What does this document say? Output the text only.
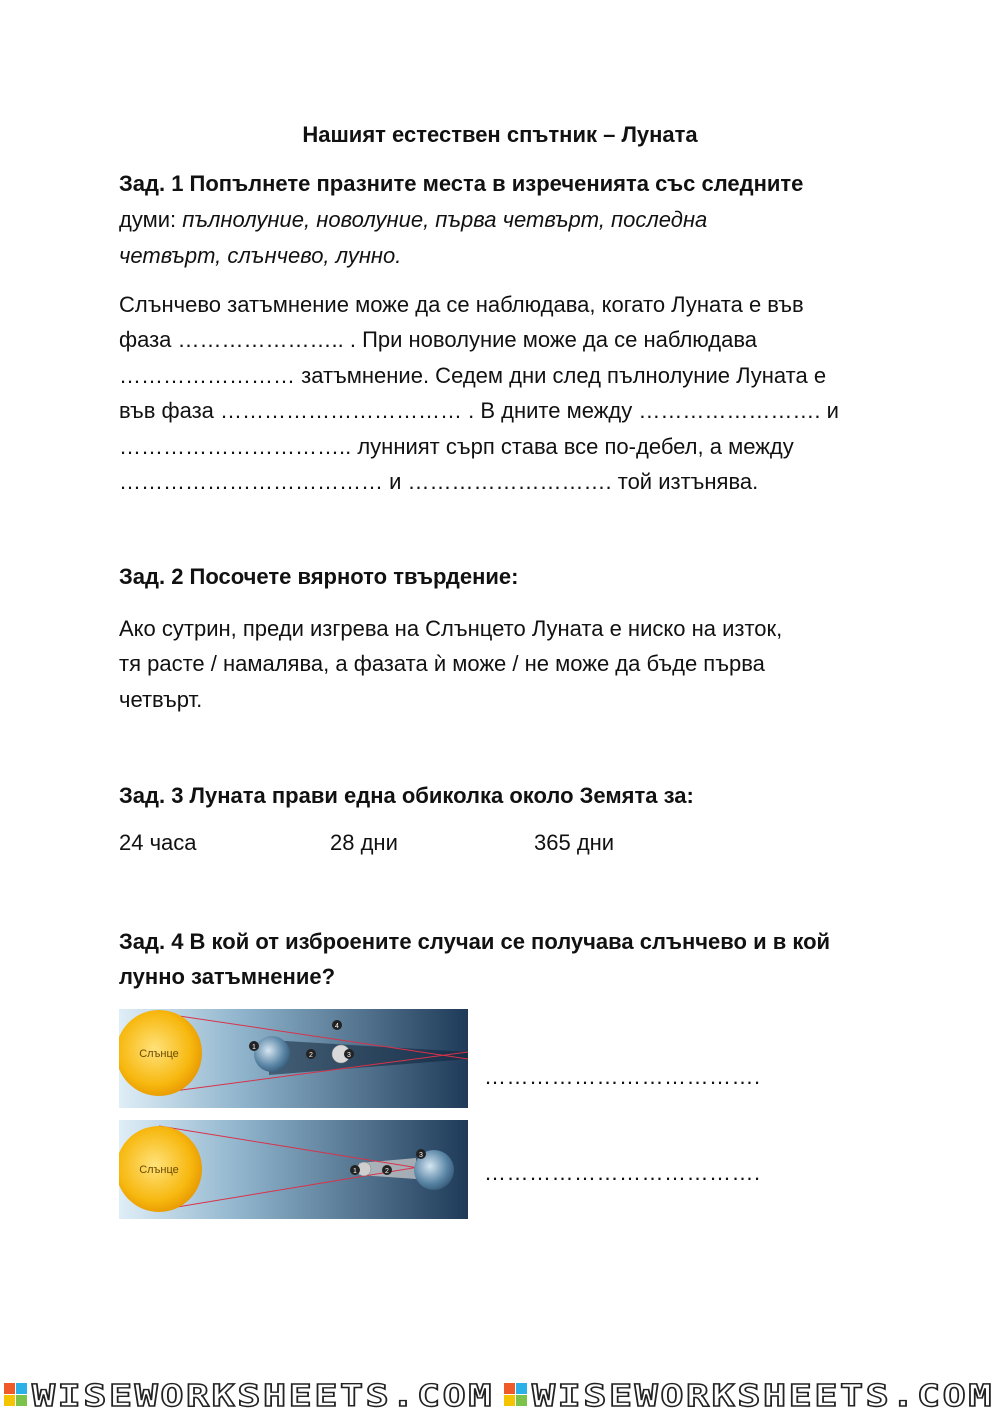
Нашият естествен спътник – Луната
Зад. 1 Попълнете празните места в изреченията със следните
думи: пълнолуние, новолуние, първа четвърт, последна
четвърт, слънчево, лунно.
Слънчево затъмнение може да се наблюдава, когато Луната е във
фаза ………………….. . При новолуние може да се наблюдава
…………………… затъмнение. Седем дни след пълнолуние Луната е
във фаза …………………………… . В дните между ……………………. и
………………………….. лунният сърп става все по-дебел, а между
……………………………… и ………………………. той изтънява.
Зад. 2 Посочете вярното твърдение:
Ако сутрин, преди изгрева на Слънцето Луната е ниско на изток,
тя расте / намалява, а фазата ѝ може / не може да бъде първа
четвърт.
Зад. 3 Луната прави една обиколка около Земята за:
24 часа	28 дни	365 дни
Зад. 4 В кой от изброените случаи се получава слънчево и в кой
лунно затъмнение?
Слънце
1
2	3
4
……………………………….
Слънце	1	2
3
……………………………….
WISEWORKSHEETS.COM WISEWORKSHEETS.COM
